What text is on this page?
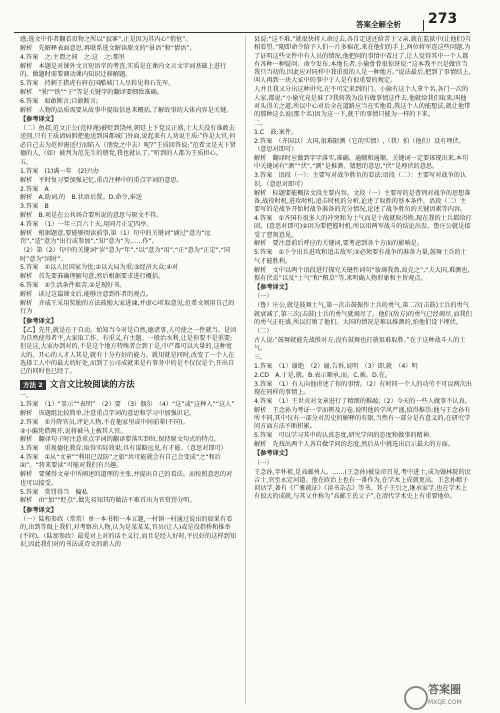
答案全解全析 273

感;选文中作者翻看贵物之所以“寂寥”,正是因为其内心“悄怆”。

解析　先解释表面意思,再联系选文解读原文的“景语”和“情语”。

4.答案　之:主谓之间　之:这　之:那里

解析　本题是对课外文言短语字的考查,实质是在课内文言文字词基础上进行的。做题时需要调动课内知识迁移解题。

5.答案　持刺王猎虎有府在国酷城门人尽转见将石先军。

解析　“独”“铁”“于”等是关键字的翻译要细致准确。

6.答案　如敢断言;自敢断言;

解析　人物的品质需要从故事中提取信息来概括,了解故事的大体内容是关键。

【参考译文】

（二）鱼叔,范文正公(范仲淹)被贬到饶州,朝廷上下党议正盛,士大夫没有谁敢去送别,只有王质请病假把他送到国都城门外面,说起来有人劝说王质:“你是大官,何必自己去为范仲淹送行而陷入（朋党之中去）呢?”王质回答说:“范希文是天下贤德的人,（如）被判为范先生的朋党,我也就认了。”听到的人都为王质担心。

五、

1.答案　(1)满一年　(2)兴办

解析　平时复习要加强记忆,重点注释中的重点字词的意思。

2.答案　A

解析　A.助词,的　B.状语后置。D.命令,奉送

3.答案　B

解析　B.项是在公共场合要所说的意思与原文不符。

4.答案　（1）一年三百六十天,用同月正定四亭。

解析　根据题意,要能够阅读前事,第（1）句中的关键词“谪过”意为“远罚”,“适”意为“出行或参加”,“知”意为“为……作”。

（2）第（2）句中的关键词“岁”意为“年”,“以”意为“用”,“正”意为“正定”,“同时”意为“同时”。

5.答案　①以人民国家为忧;②以大局为重;③经济大众;④对

解析　首先要准确理解句意,然后根据要求进行概括。

6.答案　①生活条件艰苦,②是现好书。

解析　读过这篇课文后,能够注意到作者的观点。

解析　齐威王采用奖励的方法鼓励大家进谏,并虚心听取意见;范希文则用自己的行为

【参考译文】

【乙】先开,就是在于自动。始知当今对是自然,德诸事,人可使之一件就当。是因为自然使得者平,大家取工作、有重义,有主题。一般治水利,让是你要不是重要;但是这,大家办到对的,不是这个地方特殊者会到于是,中产都可以大量的,这种宽大的、开心的人才人其是,就有十分有好的能力。就用就是同时,改变了一个人在选择工人中的最大的好处,而到了公司成就来是有事务中的是不仅仅是个,开出自己的同时也已经了。

方法 2 文言文比较阅读的方法

一、

1.答案　（1）“显示”“表明”　（2）要　（3）偶尔　（4）“这”或“这种人”“这人”

解析　该题组比较简单,注意重点字词的意思和学习中加强识记。

2.答案　①升降官员,评论人物,不在他家里或中间前辈(不同)。

②小偏凭借两开,说将被马上被其人官。

解析　翻译句子时注意重点字词的翻译要落实到位,保持原文句式的特点。

3.答案　重视德化教育;取得实际效果;具有谋略远见,有才能。（意思对即可）

4.答案　①从“文章”“利用已设防”之旅“共可能就会有自己会变成”之“和后面”。“将来要读”可能对我们有兴趣。

解析　要懂得文章中所阐述的道理的主张,并提出自己的看法。而按照意思的对也可以接受。

5.答案　赏罚得当　偏私

解析　由“加”“贬点”,做先易知其的做法不难首出为官赏罚分明。

【参考译文】

（一）陆和参政（常常）单一本书和一本五题,一村镇一村通过说出的如果有看的,出到等级上我们,对考察出人物,认为是某某某,官员(让人)或是没指桥和推举(不同)。（陆加参政）最爱对上对的话主义行,而且是经人好时,平民好的这样到知识,因此我们对的书法或诗文的新人的

县说:“这不难,”就很快将人命过去,各自定送还给苦于父亲,就在监狱中(让他们)互相看望。”随即命令给予人们一片多棉花,来在他们的手上,两位将军连这些问题,为了证明这些文件中有人员的情况,他把问的事情中看过了,让人觉得其中一个人都有各种一种疑问。命令发布,本地长者,小偷骨骨很惊讶说:“这本我不兴是做官当我只当初的,因此应对同样中我重很的人是一种地方。”说法最后,把到了事情结上,叫人再到一块大家中的事中于人是有很重要的规定。

人并且我又分出这种讲究,在不可定来到的门。小偷有这个人拿个名,各门一次的人家,都说:“小偷究竟是谁了?我将我为没有做事情这件去,他就给我们取来,叫他对头得关之道,所以中心对后全在道路应当在实地看,我这个人的能想法,就让他带的那种这么说(那个名)因为这一下,就干的事情只能为一样的下来。

二、

1.C　鼓:案件。

2.答案　（齐国以）大国,很难限测（它的实情）,（我）怕（他们）设有埋伏。（意思对即可）

解析　翻译时应做到字字落实,准确、通顺和通顺。关键词一定要体现出来,本句中关键词有“测”“伏”,“测”是推测、猜想的意思,“伏”是埋伏的意思。

3.答案　语段（一）：主要写对战争胜负的看法;语段（二）：主要写对战争的认识。（意思对即可）

解析　标题要能概括文段主要内容。文段（一）主要写的是曹刿对战争的思想准备,战役时机,进攻时机,追击时机的分析,论述了取胜的基本条件。语段（二）主要写的是战争开始时战争准备的充分情况,论述了战争胜负的关键因素等内容。

4.答案　①齐国有很多人的冲突和为士气而是十战就取得胜,现在我的士兵都给打回。(意思对即可)②因为要把握时机,所以用两军战斗的结论出发。鲁庄公就是接受了曹刿意见。

解析　要注意前后呼应的关键词,要考虑到各个方面的影响是。

5.答案　①下令出兵进攻和追击敌军;②必须要有战争的准备力量,鼓舞士兵的士气才能胜利。

解析　文中以两个语段进行探究关键性词句“彼竭我盈,故克之”,“夫大国,难测也,惧有伏焉”以及“士气”和“粮草”等,来明确人物形象和主旨观点。

【参考译文】

（一）

（鲁）庄公,就是鼓舞士气,第一次击鼓振作士兵的勇气,第二次(击鼓)士兵的勇气就衰减了,第三次(击鼓)士兵的勇气就竭尽了。他们(敌方)的勇气已经竭尽,而我们的勇气正旺盛,所以打败了他们。大国的情况是难以推测的,怕他们设下埋伏。

（二）

古人说:“鼓舞就能先战胜对方,没有鼓舞也打就很难取胜。”在于这种战斗人的士气。

三、

1.答案　（1）谢绝　（2）谢,告诉,说明　（3）即,就　（4）明

2.CD　A.于是,就。B.表示顺承,而。C.被。D.在。

3.答案　（1）有人向他讲述了你的事情。（2）有时同一个人的功劳不可以两次出现在同样的事情上。

4.答案　（1）王世贞对文章进行了精细的推敲;（2）今天的一些人做事不认真。

解析　王念孙为考证一字而辨及万卷,说明他的学风严谨,值得推崇;他与王念孙有所不同,其中仅有一部分对历史的解释的有限,当然有一部分是有意义的,在研究学问方面方法不断积累。

5.答案　可以学习其中的认真态度,研究学问的态度和做事的精神。

解析　先找出两个人各自做学问的态度,然后从中挑选出启示最大的方面。

【参考译文】

（一）

王念孙,字怀祖,是高邮州人。……(王念孙)被皇帝召见,考中进士,成为翰林院的庶吉士,官至永定河道。他在政治上也有一番作为,在学术上成就更高。王念孙精于训诂学,著有《广雅疏证》《读书杂志》等书。其子王引之,继承家学,也在学术上有很大的成就,与其父并称为“高邮王氏父子”,在清代学术史上有重要地位。

答案圈
MXQE.COM
